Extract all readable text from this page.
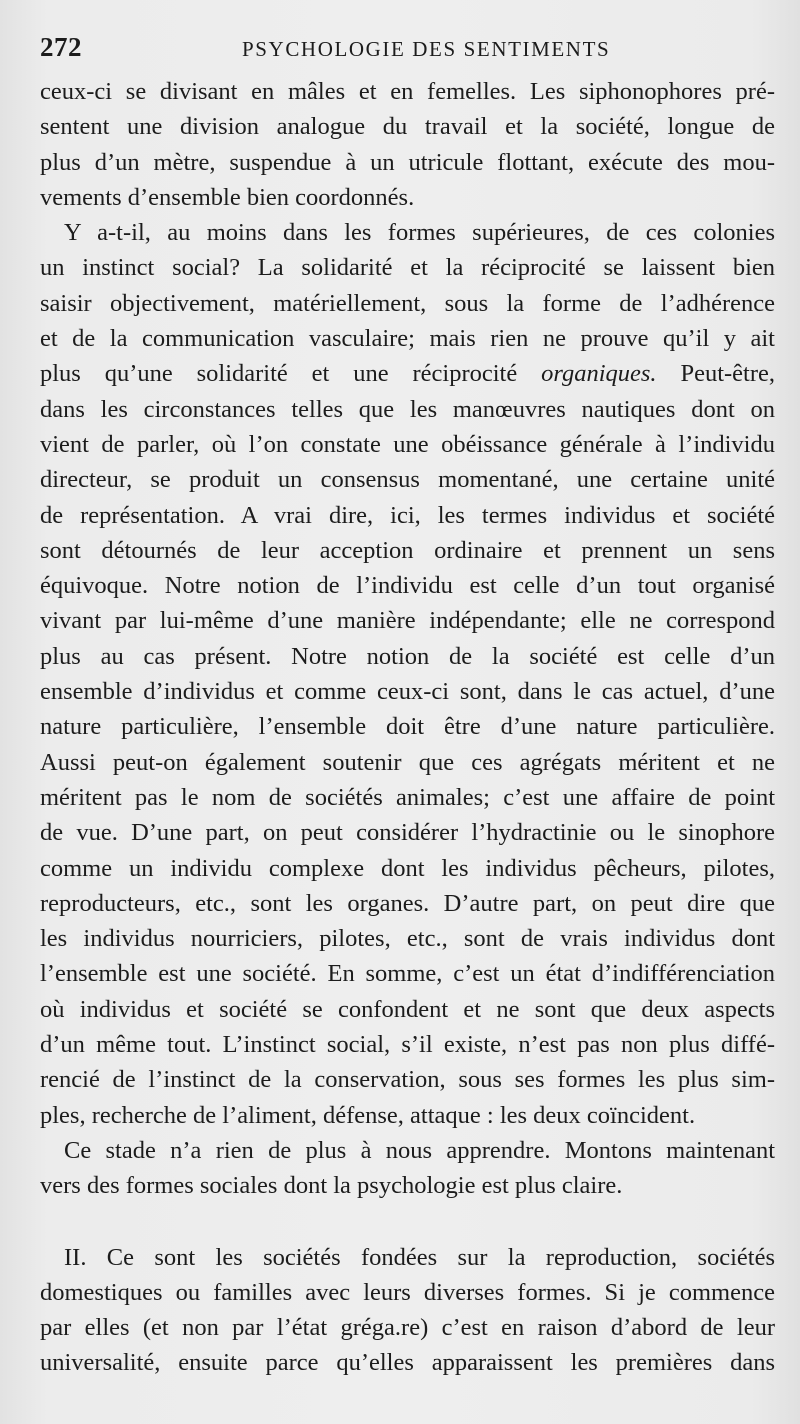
272	PSYCHOLOGIE DES SENTIMENTS
ceux-ci se divisant en mâles et en femelles. Les siphonophores pré-
sentent une division analogue du travail et la société, longue de
plus d’un mètre, suspendue à un utricule flottant, exécute des mou-
vements d’ensemble bien coordonnés.
Y a-t-il, au moins dans les formes supérieures, de ces colonies
un instinct social? La solidarité et la réciprocité se laissent bien
saisir objectivement, matériellement, sous la forme de l’adhérence
et de la communication vasculaire; mais rien ne prouve qu’il y ait
plus qu’une solidarité et une réciprocité organiques. Peut-être,
dans les circonstances telles que les manœuvres nautiques dont on
vient de parler, où l’on constate une obéissance générale à l’individu
directeur, se produit un consensus momentané, une certaine unité
de représentation. A vrai dire, ici, les termes individus et société
sont détournés de leur acception ordinaire et prennent un sens
équivoque. Notre notion de l’individu est celle d’un tout organisé
vivant par lui-même d’une manière indépendante; elle ne correspond
plus au cas présent. Notre notion de la société est celle d’un
ensemble d’individus et comme ceux-ci sont, dans le cas actuel, d’une
nature particulière, l’ensemble doit être d’une nature particulière.
Aussi peut-on également soutenir que ces agrégats méritent et ne
méritent pas le nom de sociétés animales; c’est une affaire de point
de vue. D’une part, on peut considérer l’hydractinie ou le sinophore
comme un individu complexe dont les individus pêcheurs, pilotes,
reproducteurs, etc., sont les organes. D’autre part, on peut dire que
les individus nourriciers, pilotes, etc., sont de vrais individus dont
l’ensemble est une société. En somme, c’est un état d’indifférenciation
où individus et société se confondent et ne sont que deux aspects
d’un même tout. L’instinct social, s’il existe, n’est pas non plus diffé-
rencié de l’instinct de la conservation, sous ses formes les plus sim-
ples, recherche de l’aliment, défense, attaque : les deux coïncident.
Ce stade n’a rien de plus à nous apprendre. Montons maintenant
vers des formes sociales dont la psychologie est plus claire.
II. Ce sont les sociétés fondées sur la reproduction, sociétés
domestiques ou familles avec leurs diverses formes. Si je commence
par elles (et non par l’état gréga.re) c’est en raison d’abord de leur
universalité, ensuite parce qu’elles apparaissent les premières dans
